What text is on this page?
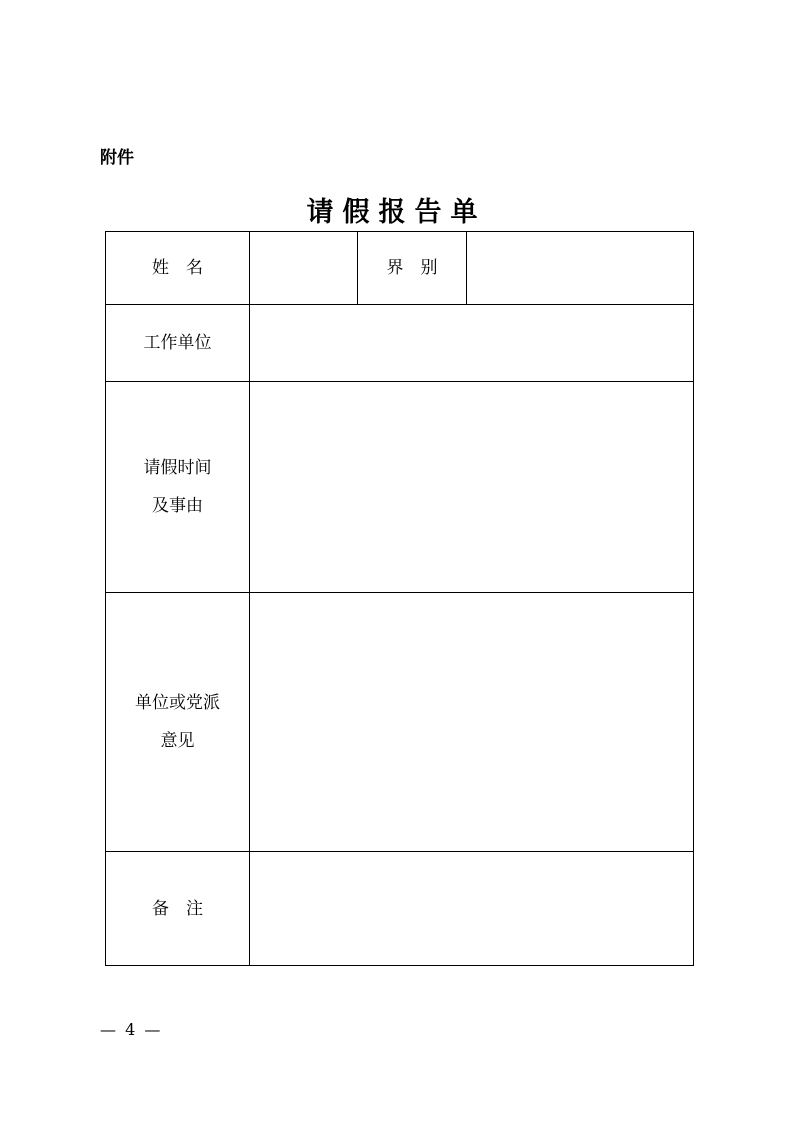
附件
请假报告单
姓　名		界　别	
工作单位			

请假时间
及事由			

单位或党派
意见			

备　注			
— 4 —
